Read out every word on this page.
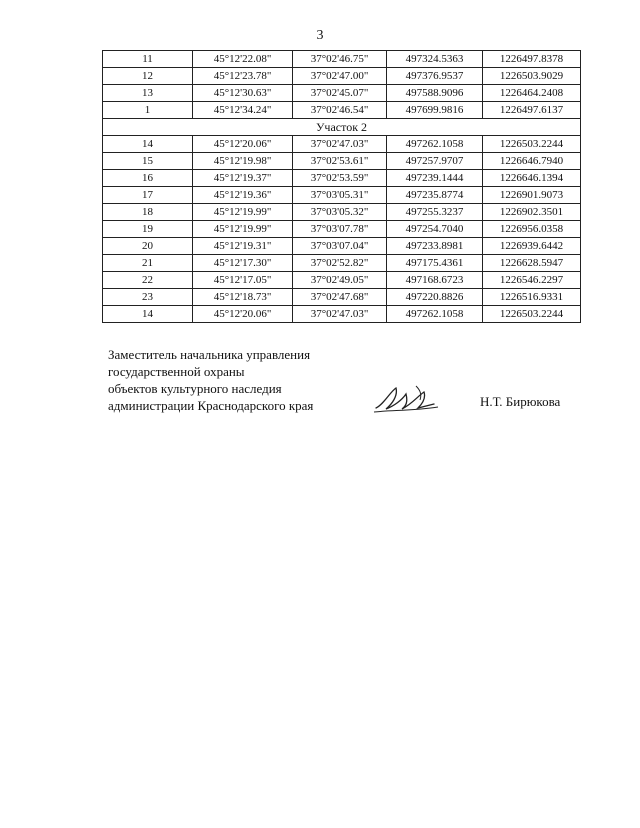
3
11	45°12'22.08"	37°02'46.75"	497324.5363	1226497.8378
12	45°12'23.78"	37°02'47.00"	497376.9537	1226503.9029
13	45°12'30.63"	37°02'45.07"	497588.9096	1226464.2408
1	45°12'34.24"	37°02'46.54"	497699.9816	1226497.6137
Участок 2				
14	45°12'20.06"	37°02'47.03"	497262.1058	1226503.2244
15	45°12'19.98"	37°02'53.61"	497257.9707	1226646.7940
16	45°12'19.37"	37°02'53.59"	497239.1444	1226646.1394
17	45°12'19.36"	37°03'05.31"	497235.8774	1226901.9073
18	45°12'19.99"	37°03'05.32"	497255.3237	1226902.3501
19	45°12'19.99"	37°03'07.78"	497254.7040	1226956.0358
20	45°12'19.31"	37°03'07.04"	497233.8981	1226939.6442
21	45°12'17.30"	37°02'52.82"	497175.4361	1226628.5947
22	45°12'17.05"	37°02'49.05"	497168.6723	1226546.2297
23	45°12'18.73"	37°02'47.68"	497220.8826	1226516.9331
14	45°12'20.06"	37°02'47.03"	497262.1058	1226503.2244
Заместитель начальника управления
государственной охраны
объектов культурного наследия
администрации Краснодарского края	Н.Т. Бирюкова
